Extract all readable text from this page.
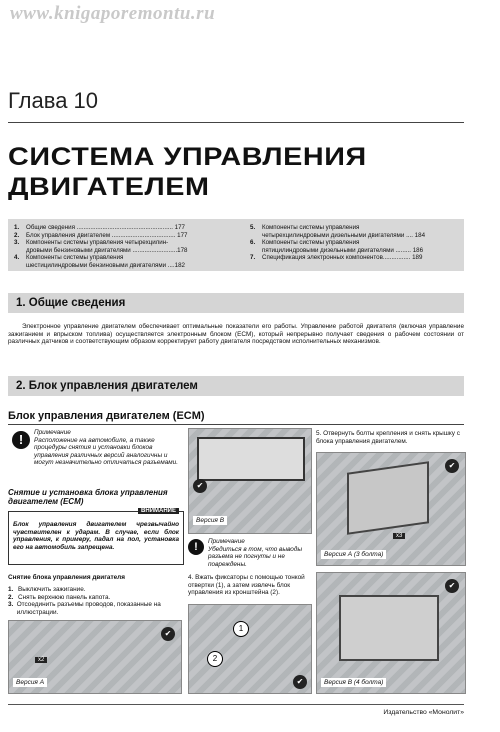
www.knigaporemontu.ru
Глава 10
СИСТЕМА УПРАВЛЕНИЯ
ДВИГАТЕЛЕМ
1.	Общие сведения ........................................................ 177
2.	Блок управления двигателем ..................................... 177
3.	Компоненты системы управления четырехцилин-
дровыми бензиновыми двигателями ..........................178
4.	Компоненты системы управления
шестицилиндровыми бензиновыми двигателями ....182
5.	Компоненты системы управления
четырехцилиндровыми дизельными двигателями .... 184
6.	Компоненты системы управления
пятицилиндровыми дизельными двигателями ......... 186
7.	Спецификация электронных компонентов................ 189
1. Общие сведения
Электронное управление двигателем обеспечивает оптимальные показатели его работы. Управление работой двигателя (включая управление зажиганием и впрыском топлива) осуществляется электронным блоком (ECM), который непрерывно получает сведения о рабочем состоянии от различных датчиков и соответствующим образом корректирует работу двигателя посредством исполнительных механизмов.
2. Блок управления двигателем
Блок управления двигателем (ECM)
!	Примечание
Расположение на автомобиле, а также процедуры снятия и установки блоков управления различных версий аналогичны и могут незначительно отличаться разъемами.
Снятие и установка блока управления двигателем (ECM)
ВНИМАНИЕ
Блок управления двигателем чрезвычайно чувствителен к ударам. В случае, если блок управления, к примеру, падал на пол, установка его на автомобиль запрещена.
Снятие блока управления двигателя
1. Выключить зажигание.
2. Снять верхнюю панель капота.
3. Отсоединить разъемы проводов, показанные на иллюстрации.
x2
✔
Версия А
✔
Версия В
!	Примечание
Убедиться в том, что выводы разъема не погнуты и не повреждены.
4. Вжать фиксаторы с помощью тонкой отвертки (1), а затем извлечь блок управления из кронштейна (2).
1
2
✔
5. Отвернуть болты крепления и снять крышку с блока управления двигателем.
x3
✔
Версия А (3 болта)
✔
Версия В (4 болта)
Издательство «Монолит»
